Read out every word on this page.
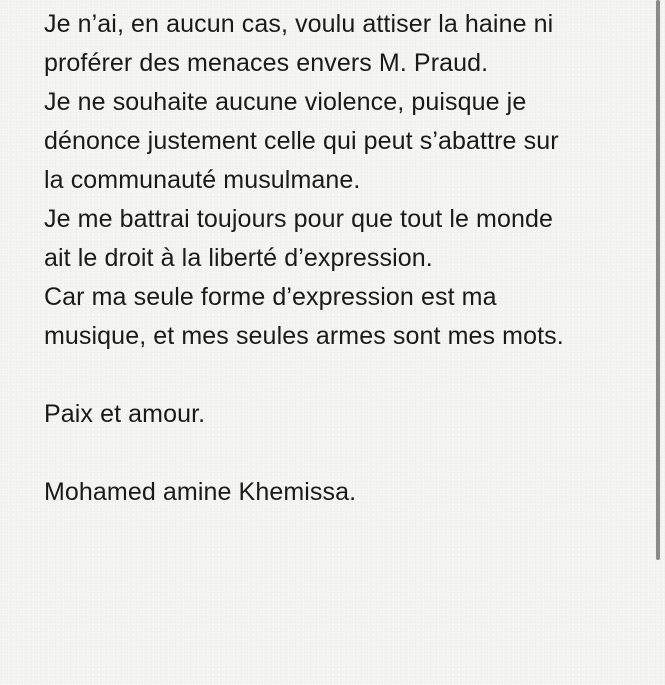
Je n’ai, en aucun cas, voulu attiser la haine ni

proférer des menaces envers M. Praud.

Je ne souhaite aucune violence, puisque je

dénonce justement celle qui peut s’abattre sur

la communauté musulmane.

Je me battrai toujours pour que tout le monde

ait le droit à la liberté d’expression.

Car ma seule forme d’expression est ma

musique, et mes seules armes sont mes mots.

Paix et amour.

Mohamed amine Khemissa.
